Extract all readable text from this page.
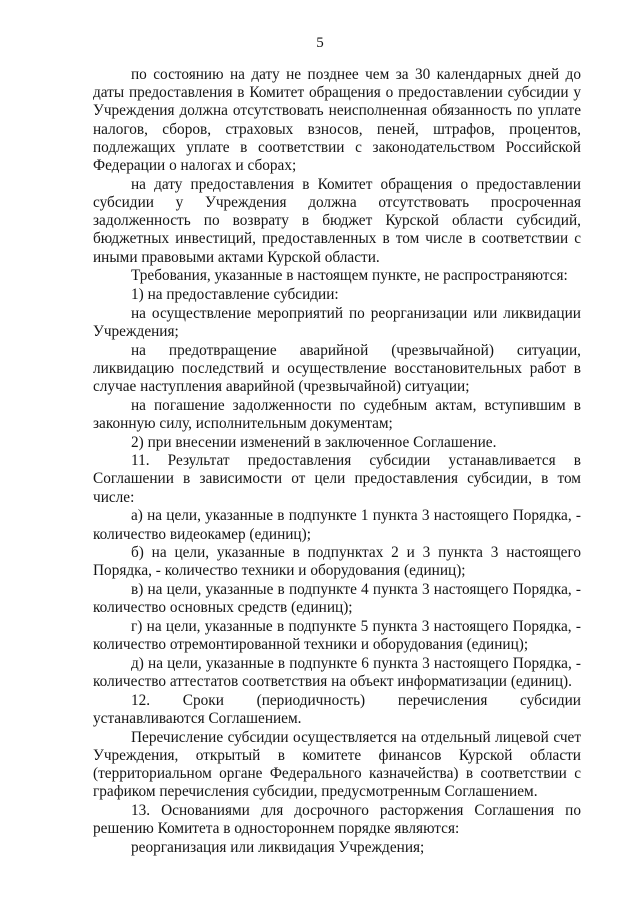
5

по состоянию на дату не позднее чем за 30 календарных дней до даты предоставления в Комитет обращения о предоставлении субсидии у Учреждения должна отсутствовать неисполненная обязанность по уплате налогов, сборов, страховых взносов, пеней, штрафов, процентов, подлежащих уплате в соответствии с законодательством Российской Федерации о налогах и сборах;

на дату предоставления в Комитет обращения о предоставлении субсидии у Учреждения должна отсутствовать просроченная задолженность по возврату в бюджет Курской области субсидий, бюджетных инвестиций, предоставленных в том числе в соответствии с иными правовыми актами Курской области.

Требования, указанные в настоящем пункте, не распространяются:

1) на предоставление субсидии:

на осуществление мероприятий по реорганизации или ликвидации Учреждения;

на предотвращение аварийной (чрезвычайной) ситуации, ликвидацию последствий и осуществление восстановительных работ в случае наступления аварийной (чрезвычайной) ситуации;

на погашение задолженности по судебным актам, вступившим в законную силу, исполнительным документам;

2) при внесении изменений в заключенное Соглашение.

11. Результат предоставления субсидии устанавливается в Соглашении в зависимости от цели предоставления субсидии, в том числе:

а) на цели, указанные в подпункте 1 пункта 3 настоящего Порядка, - количество видеокамер (единиц);

б) на цели, указанные в подпунктах 2 и 3 пункта 3 настоящего Порядка, - количество техники и оборудования (единиц);

в) на цели, указанные в подпункте 4 пункта 3 настоящего Порядка, - количество основных средств (единиц);

г) на цели, указанные в подпункте 5 пункта 3 настоящего Порядка, - количество отремонтированной техники и оборудования (единиц);

д) на цели, указанные в подпункте 6 пункта 3 настоящего Порядка, - количество аттестатов соответствия на объект информатизации (единиц).

12. Сроки (периодичность) перечисления субсидии устанавливаются Соглашением.

Перечисление субсидии осуществляется на отдельный лицевой счет Учреждения, открытый в комитете финансов Курской области (территориальном органе Федерального казначейства) в соответствии с графиком перечисления субсидии, предусмотренным Соглашением.

13. Основаниями для досрочного расторжения Соглашения по решению Комитета в одностороннем порядке являются:

реорганизация или ликвидация Учреждения;
